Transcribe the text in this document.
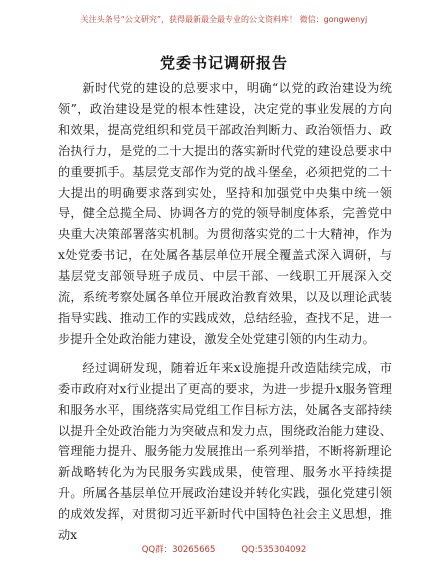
关注头条号“公文研究”，获得最新最全最专业的公文资料库！ 微信：gongwenyj
党委书记调研报告

新时代党的建设的总要求中，明确“以党的政治建设为统领”，政治建设是党的根本性建设，决定党的事业发展的方向和效果，提高党组织和党员干部政治判断力、政治领悟力、政治执行力，是党的二十大提出的落实新时代党的建设总要求中的重要抓手。基层党支部作为党的战斗堡垒，必须把党的二十大提出的明确要求落到实处，坚持和加强党中央集中统一领导，健全总揽全局、协调各方的党的领导制度体系，完善党中央重大决策部署落实机制。为贯彻落实党的二十大精神，作为x处党委书记，在处属各基层单位开展全覆盖式深入调研，与基层党支部领导班子成员、中层干部、一线职工开展深入交流，系统考察处属各单位开展政治教育效果，以及以理论武装指导实践、推动工作的实践成效，总结经验，查找不足，进一步提升全处政治能力建设，激发全处党建引领的内生动力。

经过调研发现，随着近年来x设施提升改造陆续完成，市委市政府对x行业提出了更高的要求，为进一步提升x服务管理和服务水平，围绕落实局党组工作目标方法，处属各支部持续以提升全处政治能力为突破点和发力点，围绕政治能力建设、管理能力提升、服务能力发展推出一系列举措，不断将新理论新战略转化为为民服务实践成果，使管理、服务水平持续提升。所属各基层单位开展政治建设并转化实践，强化党建引领的成效发挥，对贯彻习近平新时代中国特色社会主义思想，推动x

QQ群：30265665	QQ:535304092
